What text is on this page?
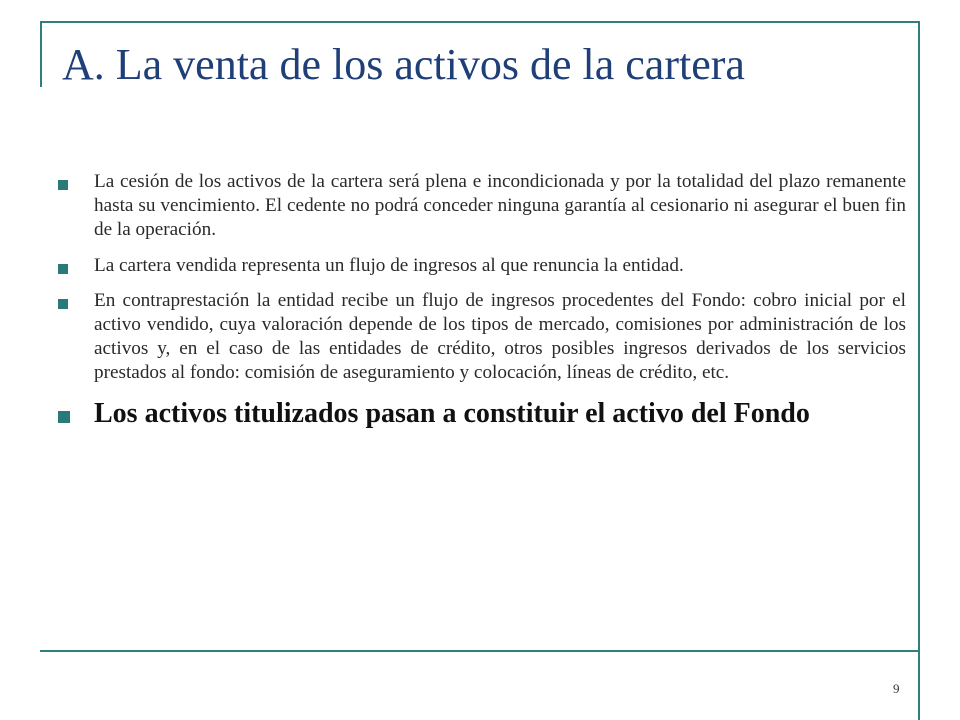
A. La venta de los activos de la cartera
La cesión de los activos de la cartera será plena e incondicionada y por la totalidad del plazo remanente hasta su vencimiento. El cedente no podrá conceder ninguna garantía al cesionario ni asegurar el buen fin de la operación.
La cartera vendida representa un flujo de ingresos al que renuncia la entidad.
En contraprestación la entidad recibe un flujo de ingresos procedentes del Fondo: cobro inicial por el activo vendido, cuya valoración depende de los tipos de mercado, comisiones por administración de los activos y, en el caso de las entidades de crédito, otros posibles ingresos derivados de los servicios prestados al fondo: comisión de aseguramiento y colocación, líneas de crédito, etc.
Los activos titulizados pasan a constituir el activo del Fondo
9
